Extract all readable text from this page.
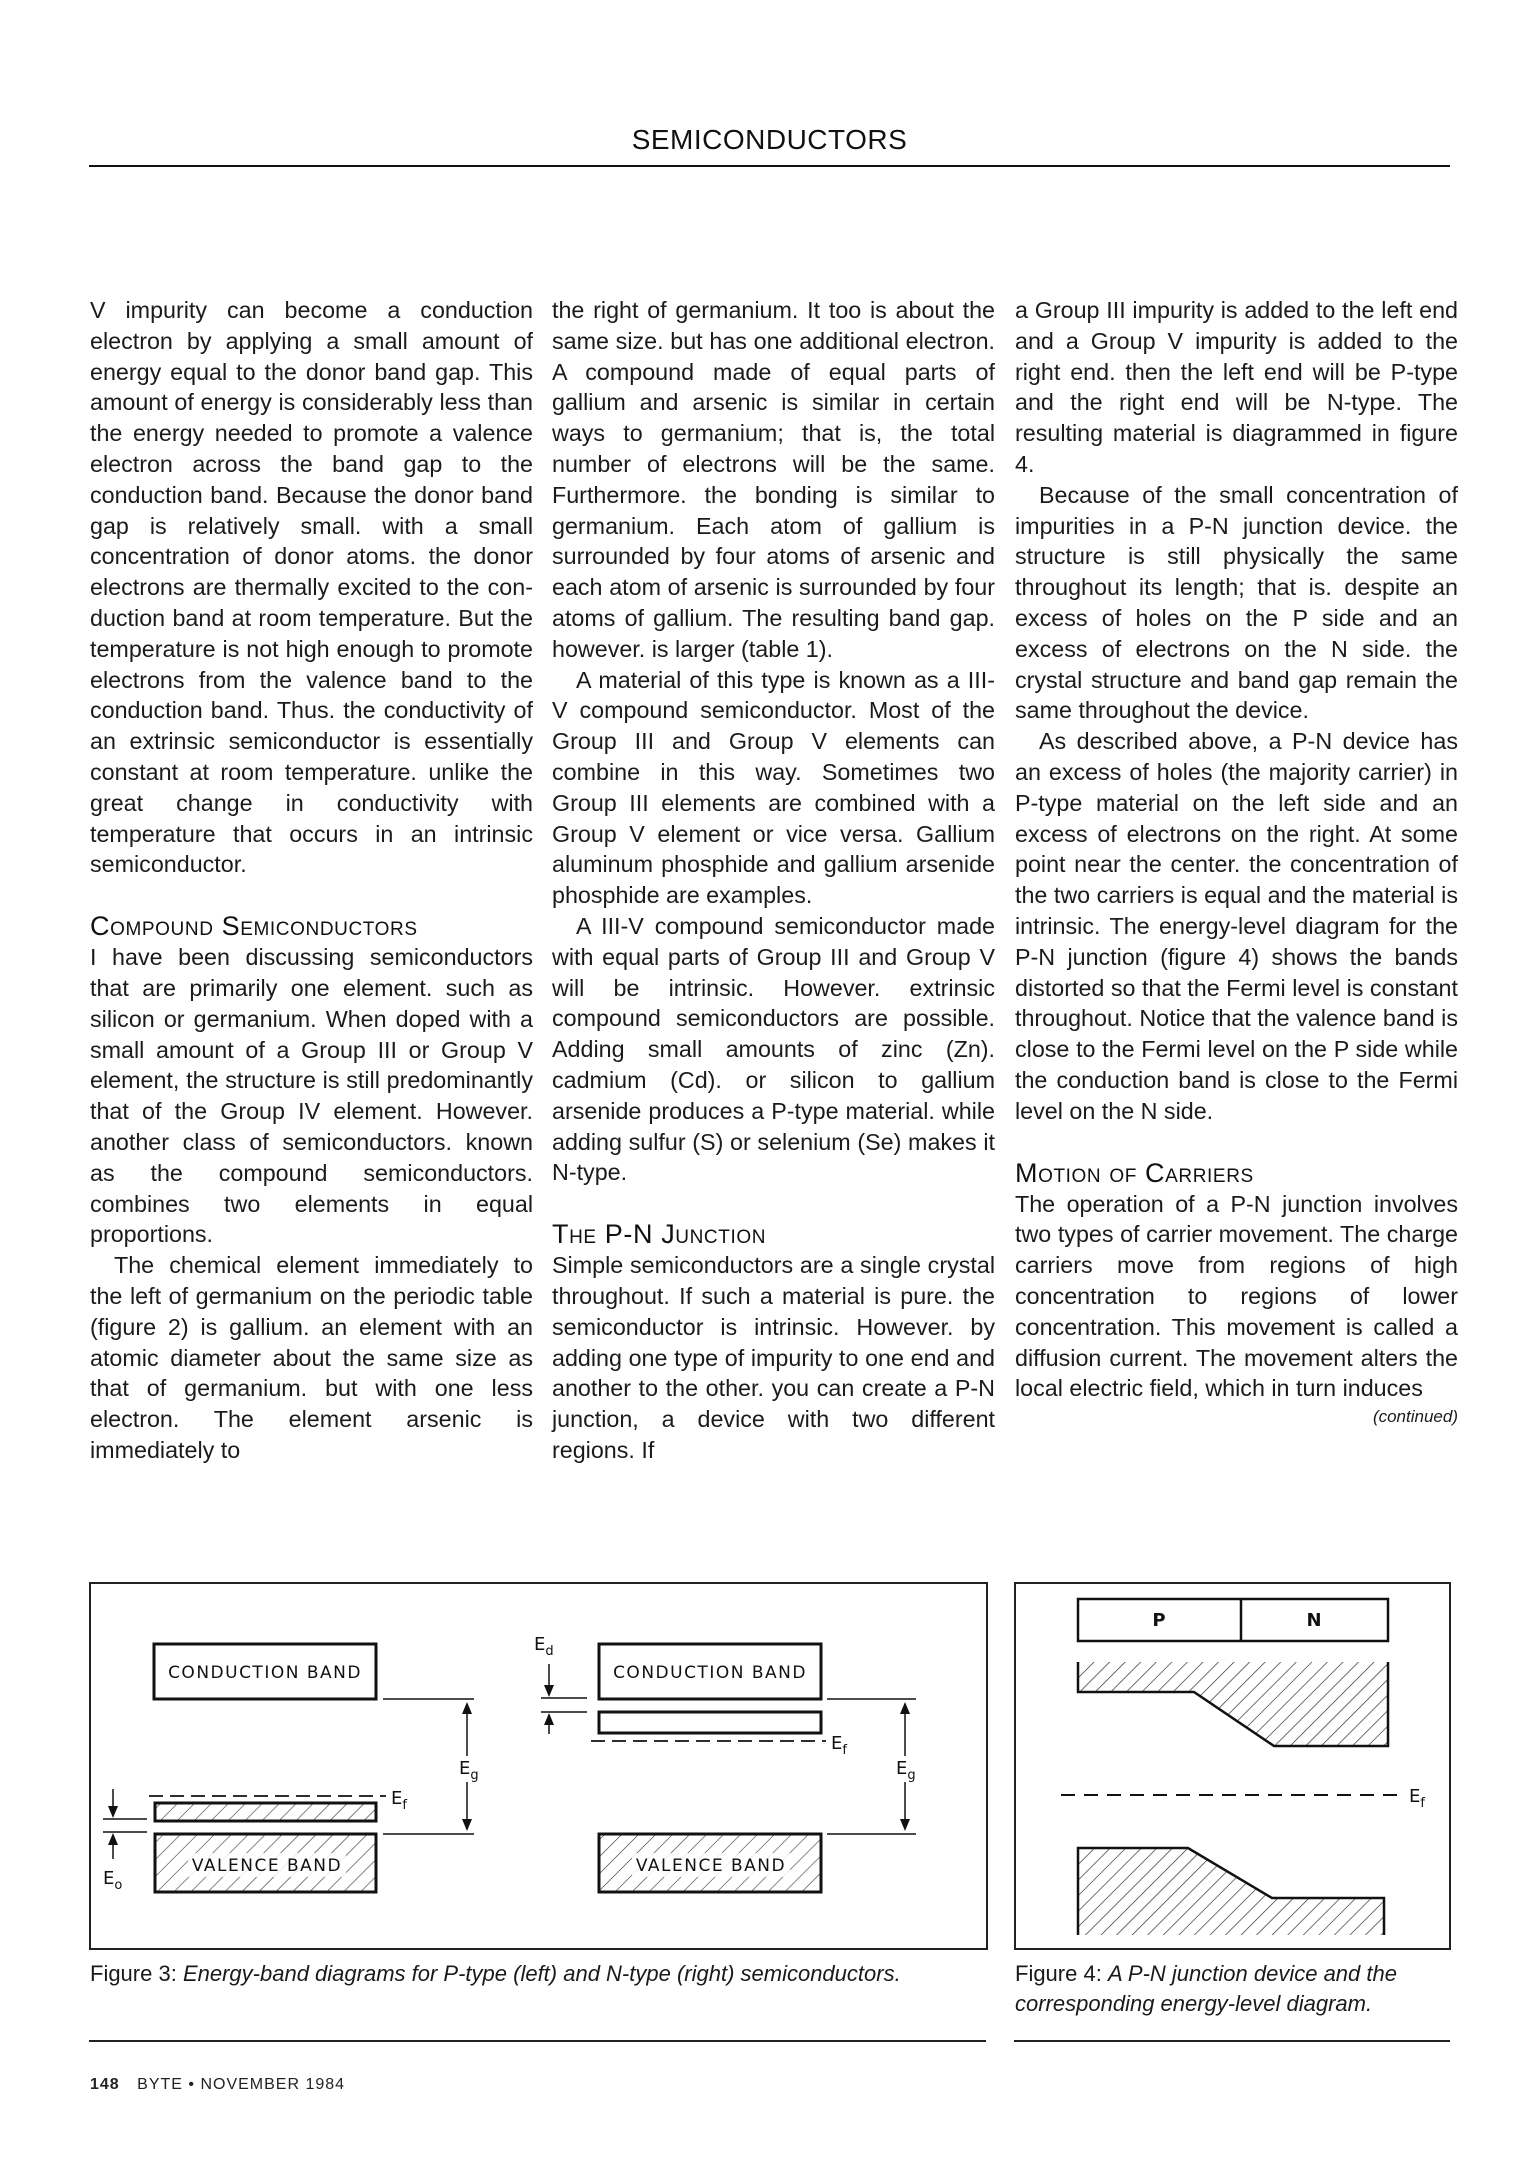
SEMICONDUCTORS

V impurity can become a conduction electron by applying a small amount of energy equal to the donor band gap. This amount of energy is considerably less than the energy needed to promote a valence electron across the band gap to the conduction band. Because the donor band gap is relatively small. with a small concentration of donor atoms. the donor electrons are thermally excited to the conduction band at room temperature. But the temperature is not high enough to promote electrons from the valence band to the conduction band. Thus. the conductivity of an extrinsic semiconductor is essentially constant at room temperature. unlike the great change in conductivity with temperature that occurs in an intrinsic semiconductor.

Compound Semiconductors

I have been discussing semiconductors that are primarily one element. such as silicon or germanium. When doped with a small amount of a Group III or Group V element, the structure is still predominantly that of the Group IV element. However. another class of semiconductors. known as the compound semiconductors. combines two elements in equal proportions.

The chemical element immediately to the left of germanium on the periodic table (figure 2) is gallium. an element with an atomic diameter about the same size as that of germanium. but with one less electron. The element arsenic is immediately to

the right of germanium. It too is about the same size. but has one additional electron. A compound made of equal parts of gallium and arsenic is similar in certain ways to germanium; that is, the total number of electrons will be the same. Furthermore. the bonding is similar to germanium. Each atom of gallium is surrounded by four atoms of arsenic and each atom of arsenic is surrounded by four atoms of gallium. The resulting band gap. however. is larger (table 1).

A material of this type is known as a III-V compound semiconductor. Most of the Group III and Group V elements can combine in this way. Sometimes two Group III elements are combined with a Group V element or vice versa. Gallium aluminum phosphide and gallium arsenide phosphide are examples.

A III-V compound semiconductor made with equal parts of Group III and Group V will be intrinsic. However. extrinsic compound semiconductors are possible. Adding small amounts of zinc (Zn). cadmium (Cd). or silicon to gallium arsenide produces a P-type material. while adding sulfur (S) or selenium (Se) makes it N-type.

The P-N Junction

Simple semiconductors are a single crystal throughout. If such a material is pure. the semiconductor is intrinsic. However. by adding one type of impurity to one end and another to the other. you can create a P-N junction, a device with two different regions. If

a Group III impurity is added to the left end and a Group V impurity is added to the right end. then the left end will be P-type and the right end will be N-type. The resulting material is diagrammed in figure 4.

Because of the small concentration of impurities in a P-N junction device. the structure is still physically the same throughout its length; that is. despite an excess of holes on the P side and an excess of electrons on the N side. the crystal structure and band gap remain the same throughout the device.

As described above, a P-N device has an excess of holes (the majority carrier) in P-type material on the left side and an excess of electrons on the right. At some point near the center. the concentration of the two carriers is equal and the material is intrinsic. The energy-level diagram for the P-N junction (figure 4) shows the bands distorted so that the Fermi level is constant throughout. Notice that the valence band is close to the Fermi level on the P side while the conduction band is close to the Fermi level on the N side.

Motion of Carriers

The operation of a P-N junction involves two types of carrier movement. The charge carriers move from regions of high concentration to regions of lower concentration. This movement is called a diffusion current. The movement alters the local electric field, which in turn induces

(continued)
CONDUCTION BAND
$E_g$
$E_f$
VALENCE BAND
$E_o$
$E_d$
CONDUCTION BAND
$E_f$
$E_g$
VALENCE BAND
P	N
$E_f$
Figure 3: Energy-band diagrams for P-type (left) and N-type (right) semiconductors.	Figure 4: A P-N junction device and the corresponding energy-level diagram.
148 BYTE • NOVEMBER 1984
